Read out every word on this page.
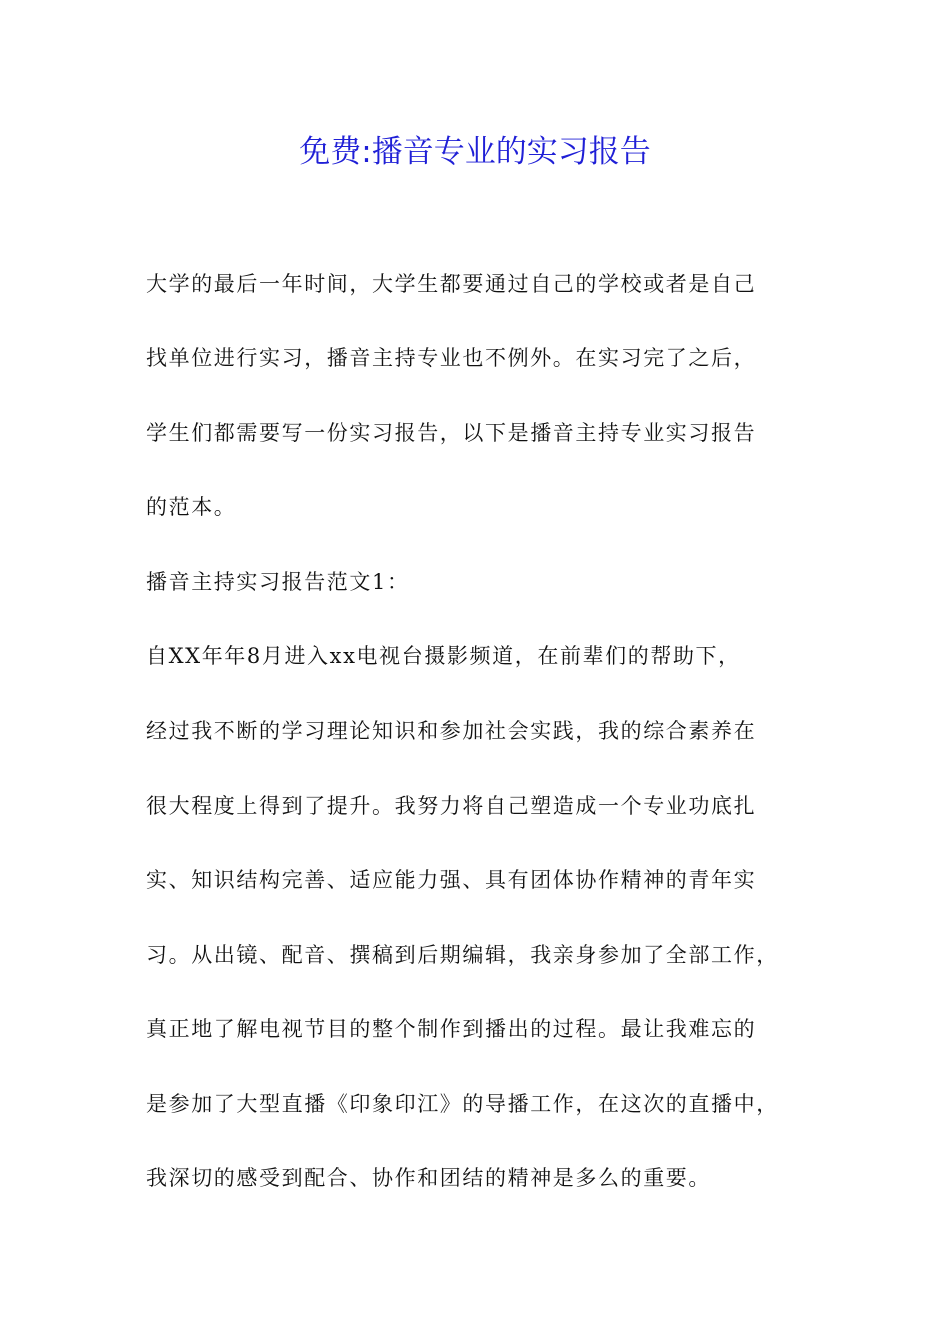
免费:播音专业的实习报告
大学的最后一年时间，大学生都要通过自己的学校或者是自己
找单位进行实习，播音主持专业也不例外。在实习完了之后，
学生们都需要写一份实习报告，以下是播音主持专业实习报告
的范本。
播音主持实习报告范文1：
自XX年年8月进入xx电视台摄影频道，在前辈们的帮助下，
经过我不断的学习理论知识和参加社会实践，我的综合素养在
很大程度上得到了提升。我努力将自己塑造成一个专业功底扎
实、知识结构完善、适应能力强、具有团体协作精神的青年实
习。从出镜、配音、撰稿到后期编辑，我亲身参加了全部工作，
真正地了解电视节目的整个制作到播出的过程。最让我难忘的
是参加了大型直播《印象印江》的导播工作，在这次的直播中，
我深切的感受到配合、协作和团结的精神是多么的重要。
